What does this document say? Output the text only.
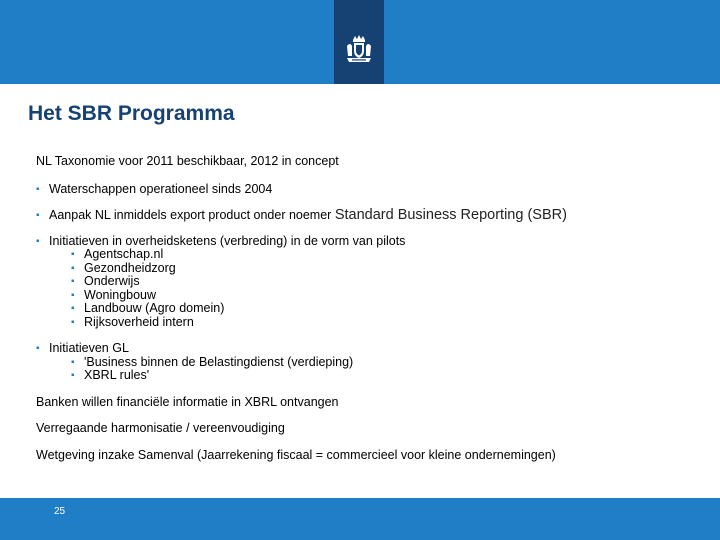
Het SBR Programma

NL Taxonomie voor 2011 beschikbaar, 2012 in concept

▪ Waterschappen operationeel sinds 2004

▪ Aanpak NL inmiddels export product onder noemer Standard Business Reporting (SBR)

▪ Initiatieven in overheidsketens (verbreding) in de vorm van pilots

▪ Agentschap.nl

▪ Gezondheidzorg

▪ Onderwijs

▪ Woningbouw

▪ Landbouw (Agro domein)

▪ Rijksoverheid intern

▪ Initiatieven GL

▪ 'Business binnen de Belastingdienst (verdieping)

▪ XBRL rules'

Banken willen financiële informatie in XBRL ontvangen

Verregaande harmonisatie / vereenvoudiging

Wetgeving inzake Samenval (Jaarrekening fiscaal = commercieel voor kleine ondernemingen)

25
